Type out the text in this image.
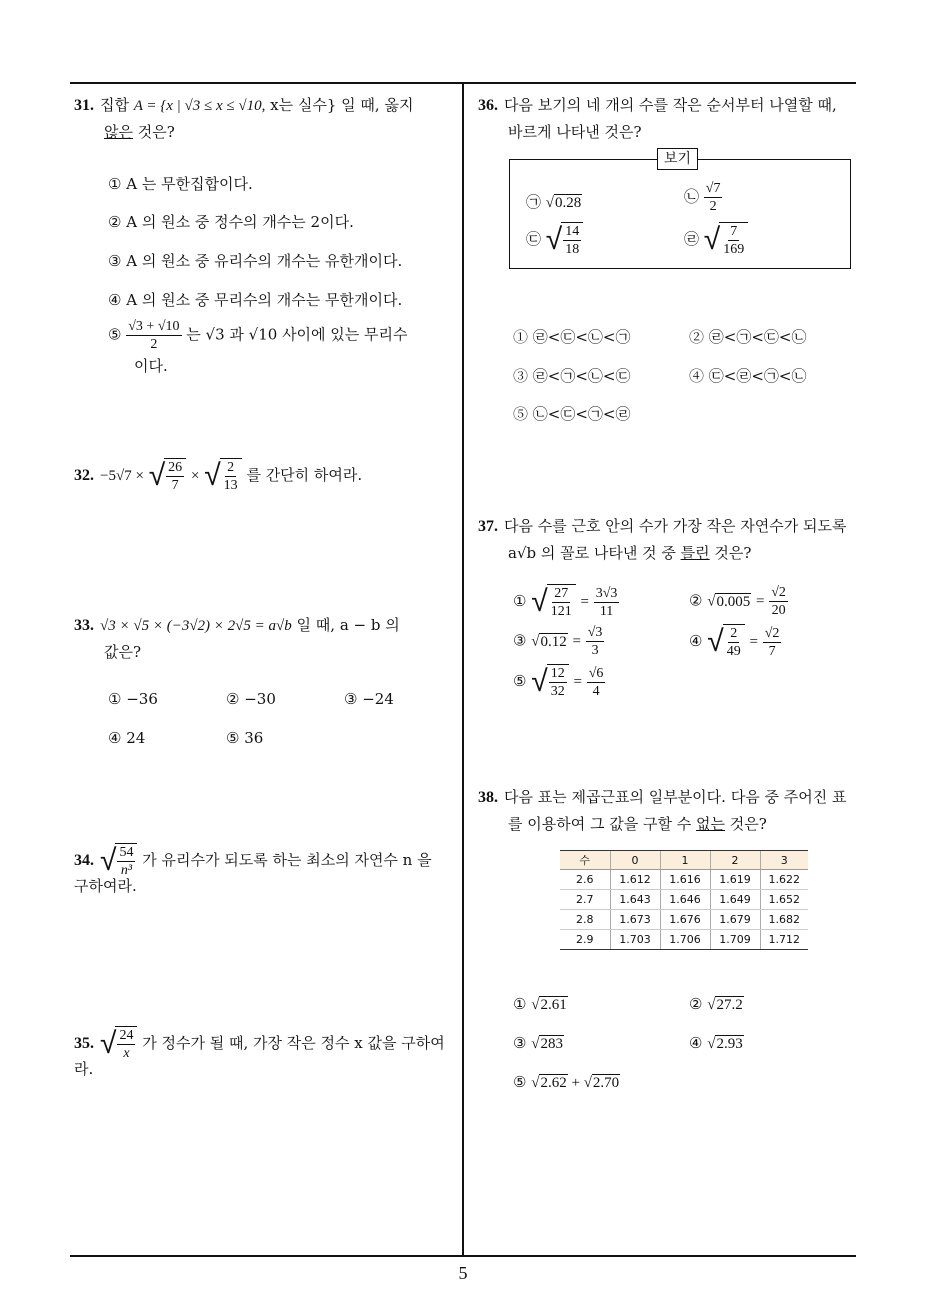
5
31. 집합 A = {x | √3 ≤ x ≤ √10, x는 실수} 일 때, 옳지
않은 것은?
① A 는 무한집합이다.
② A 의 원소 중 정수의 개수는 2이다.
③ A 의 원소 중 유리수의 개수는 유한개이다.
④ A 의 원소 중 무리수의 개수는 무한개이다.
⑤ $\frac{√3 + √10}{2}$ 는 √3 과 √10 사이에 있는 무리수
이다.
32. −5√7 × √ $\frac{26}{7}$ × √ $\frac{2}{13}$ 를 간단히 하여라.
33. √3 × √5 × (−3√2) × 2√5 = a√b 일 때, a − b 의
값은?
① −36	② −30	③ −24
④ 24	⑤ 36
34. √ $\frac{54}{\text{n³}}$ 가 유리수가 되도록 하는 최소의 자연수 n 을
구하여라.
35. √ $\frac{24}{x}$ 가 정수가 될 때, 가장 작은 정수 x 값을 구하여
라.
36. 다음 보기의 네 개의 수를 작은 순서부터 나열할 때,
바르게 나타낸 것은?
보기
㉠ √0.28	㉡ $\frac{√7}{2}$
㉢ √ $\frac{14}{18}$	㉣ √ $\frac{7}{169}$
① ㉣<㉢<㉡<㉠	② ㉣<㉠<㉢<㉡
③ ㉣<㉠<㉡<㉢	④ ㉢<㉣<㉠<㉡
⑤ ㉡<㉢<㉠<㉣
37. 다음 수를 근호 안의 수가 가장 작은 자연수가 되도록
a√b 의 꼴로 나타낸 것 중 틀린 것은?
① √ $\frac{27}{121} = \frac{3√3}{11}$	② $√0.005 = \frac{√2}{20}$
③ $√0.12 = \frac{√3}{3}$	④ √ $\frac{2}{49} = \frac{√2}{7}$
⑤ √ $\frac{12}{32} = \frac{√6}{4}$
38. 다음 표는 제곱근표의 일부분이다. 다음 중 주어진 표
를 이용하여 그 값을 구할 수 없는 것은?
수	0	1	2	3
2.6	1.612	1.616	1.619	1.622
2.7	1.643	1.646	1.649	1.652
2.8	1.673	1.676	1.679	1.682
2.9	1.703	1.706	1.709	1.712
① √2.61	② √27.2
③ √283	④ √2.93
⑤ √2.62 + √2.70
